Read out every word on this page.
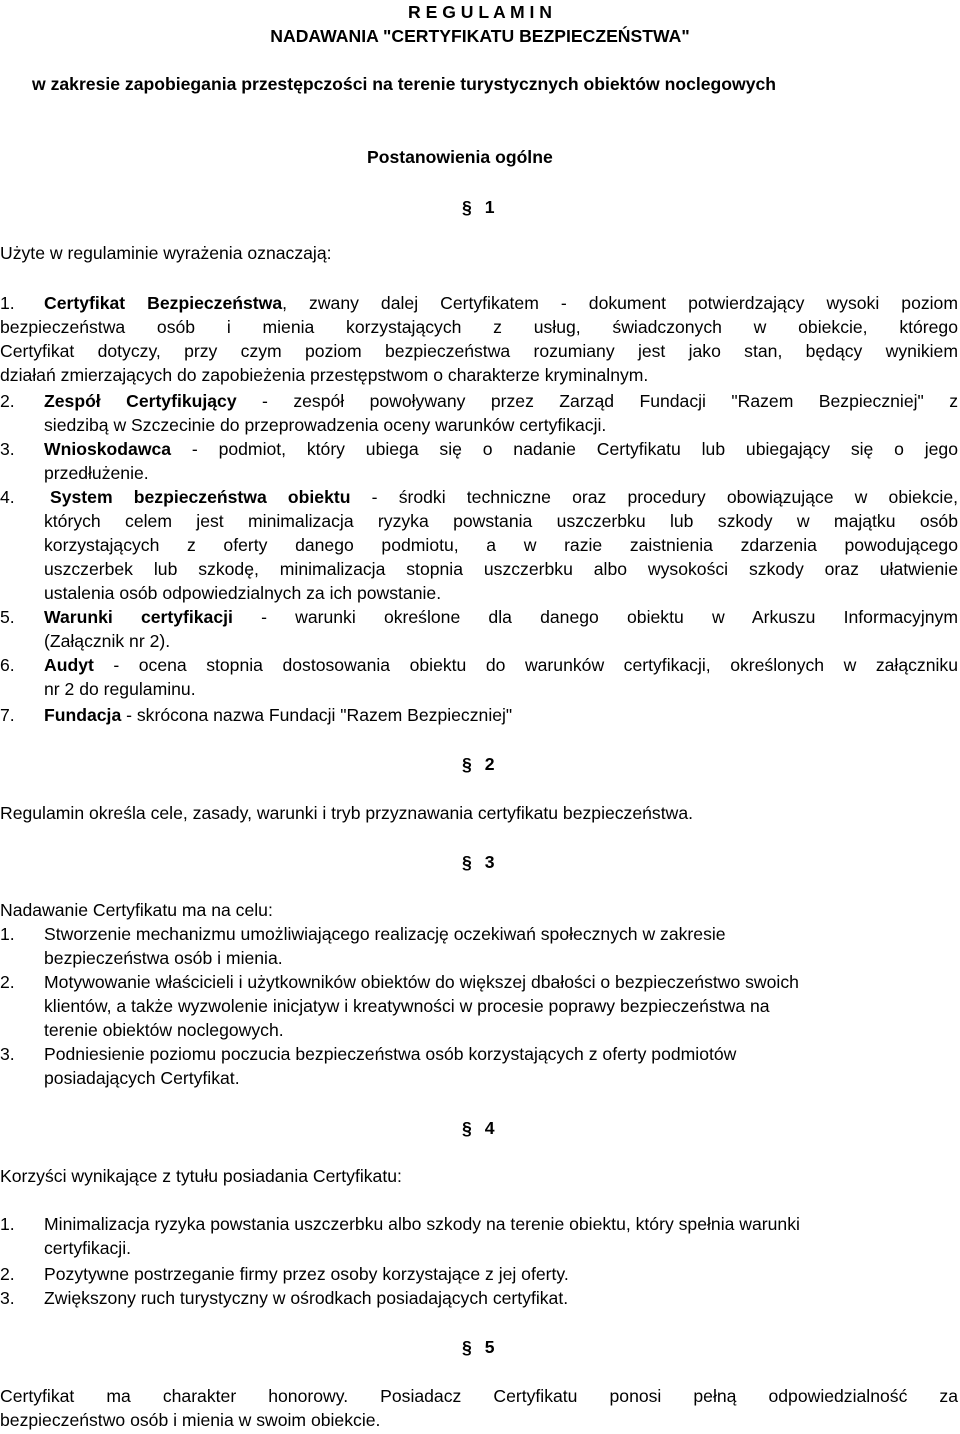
R E G U L A M I N
NADAWANIA "CERTYFIKATU BEZPIECZEŃSTWA"
w zakresie zapobiegania przestępczości na terenie turystycznych obiektów noclegowych
Postanowienia ogólne
§ 1
Użyte w regulaminie wyrażenia oznaczają:
1. Certyfikat Bezpieczeństwa, zwany dalej Certyfikatem - dokument potwierdzający wysoki poziom
bezpieczeństwa osób i mienia korzystających z usług, świadczonych w obiekcie, którego
Certyfikat dotyczy, przy czym poziom bezpieczeństwa rozumiany jest jako stan, będący wynikiem
działań zmierzających do zapobieżenia przestępstwom o charakterze kryminalnym.
2. Zespół Certyfikujący - zespół powoływany przez Zarząd Fundacji "Razem Bezpieczniej" z
siedzibą w Szczecinie do przeprowadzenia oceny warunków certyfikacji.
3. Wnioskodawca - podmiot, który ubiega się o nadanie Certyfikatu lub ubiegający się o jego
przedłużenie.
4. System bezpieczeństwa obiektu - środki techniczne oraz procedury obowiązujące w obiekcie,
których celem jest minimalizacja ryzyka powstania uszczerbku lub szkody w majątku osób
korzystających z oferty danego podmiotu, a w razie zaistnienia zdarzenia powodującego
uszczerbek lub szkodę, minimalizacja stopnia uszczerbku albo wysokości szkody oraz ułatwienie
ustalenia osób odpowiedzialnych za ich powstanie.
5. Warunki certyfikacji - warunki określone dla danego obiektu w Arkuszu Informacyjnym
(Załącznik nr 2).
6. Audyt - ocena stopnia dostosowania obiektu do warunków certyfikacji, określonych w załączniku
nr 2 do regulaminu.
7. Fundacja - skrócona nazwa Fundacji "Razem Bezpieczniej"
§ 2
Regulamin określa cele, zasady, warunki i tryb przyznawania certyfikatu bezpieczeństwa.
§ 3
Nadawanie Certyfikatu ma na celu:
1. Stworzenie mechanizmu umożliwiającego realizację oczekiwań społecznych w zakresie
bezpieczeństwa osób i mienia.
2. Motywowanie właścicieli i użytkowników obiektów do większej dbałości o bezpieczeństwo swoich
klientów, a także wyzwolenie inicjatyw i kreatywności w procesie poprawy bezpieczeństwa na
terenie obiektów noclegowych.
3. Podniesienie poziomu poczucia bezpieczeństwa osób korzystających z oferty podmiotów
posiadających Certyfikat.
§ 4
Korzyści wynikające z tytułu posiadania Certyfikatu:
1. Minimalizacja ryzyka powstania uszczerbku albo szkody na terenie obiektu, który spełnia warunki
certyfikacji.
2. Pozytywne postrzeganie firmy przez osoby korzystające z jej oferty.
3. Zwiększony ruch turystyczny w ośrodkach posiadających certyfikat.
§ 5
Certyfikat ma charakter honorowy. Posiadacz Certyfikatu ponosi pełną odpowiedzialność za
bezpieczeństwo osób i mienia w swoim obiekcie.
